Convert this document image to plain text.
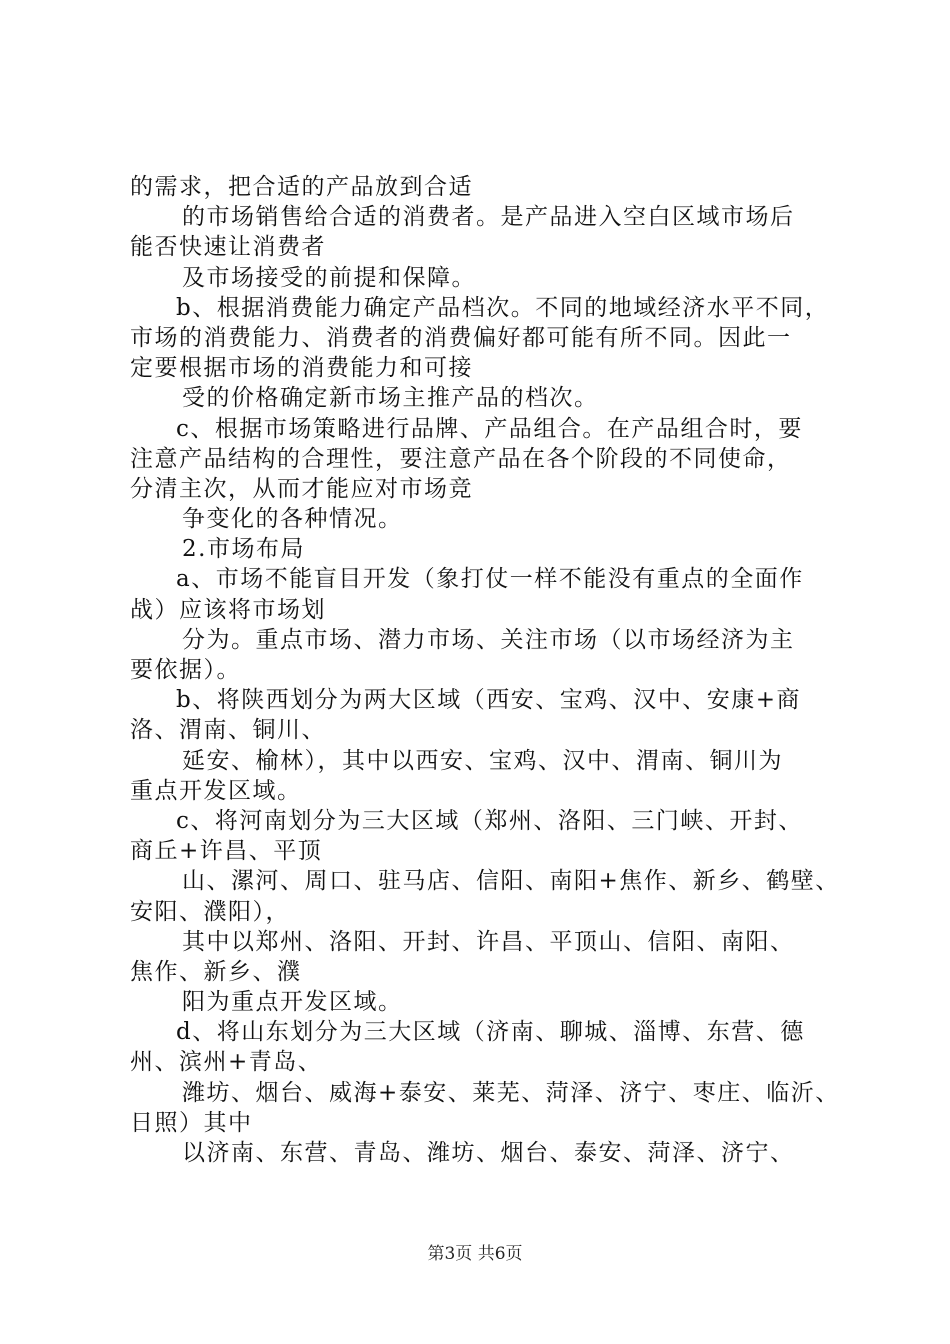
的需求，把合适的产品放到合适
的市场销售给合适的消费者。是产品进入空白区域市场后
能否快速让消费者
及市场接受的前提和保障。
b、根据消费能力确定产品档次。不同的地域经济水平不同，
市场的消费能力、消费者的消费偏好都可能有所不同。因此一
定要根据市场的消费能力和可接
受的价格确定新市场主推产品的档次。
c、根据市场策略进行品牌、产品组合。在产品组合时，要
注意产品结构的合理性，要注意产品在各个阶段的不同使命，
分清主次，从而才能应对市场竞
争变化的各种情况。
2.市场布局
a、市场不能盲目开发（象打仗一样不能没有重点的全面作
战）应该将市场划
分为。重点市场、潜力市场、关注市场（以市场经济为主
要依据）。
b、将陕西划分为两大区域（西安、宝鸡、汉中、安康+商
洛、渭南、铜川、
延安、榆林），其中以西安、宝鸡、汉中、渭南、铜川为
重点开发区域。
c、将河南划分为三大区域（郑州、洛阳、三门峡、开封、
商丘+许昌、平顶
山、漯河、周口、驻马店、信阳、南阳+焦作、新乡、鹤壁、
安阳、濮阳），
其中以郑州、洛阳、开封、许昌、平顶山、信阳、南阳、
焦作、新乡、濮
阳为重点开发区域。
d、将山东划分为三大区域（济南、聊城、淄博、东营、德
州、滨州+青岛、
潍坊、烟台、威海+泰安、莱芜、菏泽、济宁、枣庄、临沂、
日照）其中
以济南、东营、青岛、潍坊、烟台、泰安、菏泽、济宁、
第3页 共6页
